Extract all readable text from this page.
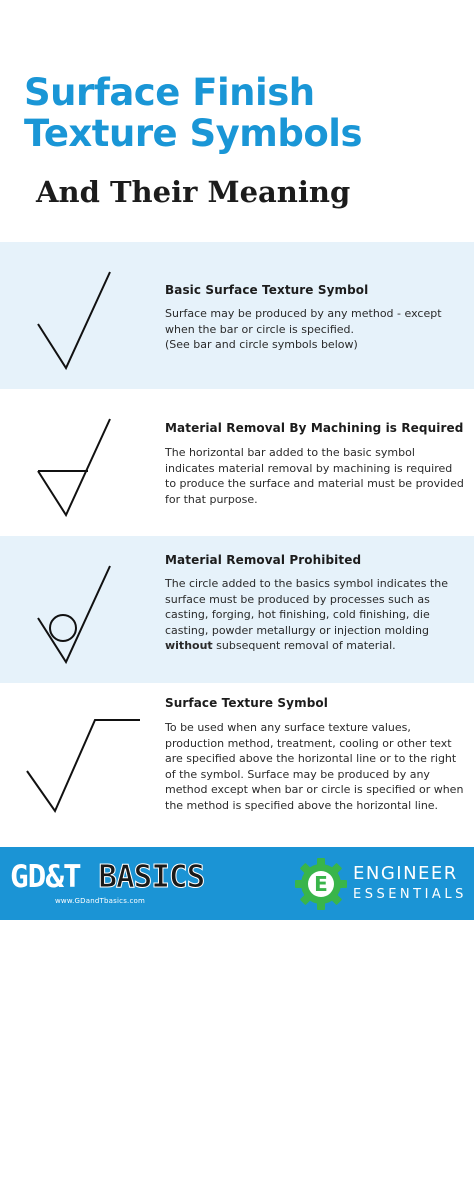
Surface Finish
Texture Symbols
And Their Meaning
Basic Surface Texture Symbol
Surface may be produced by any method - except when the bar or circle is specified.
(See bar and circle symbols below)
Material Removal By Machining is Required
The horizontal bar added to the basic symbol indicates material removal by machining is required to produce the surface and material must be provided for that purpose.
Material Removal Prohibited
The circle added to the basics symbol indicates the surface must be produced by processes such as casting, forging, hot finishing, cold finishing, die casting, powder metallurgy or injection molding without subsequent removal of material.
Surface Texture Symbol
To be used when any surface texture values, production method, treatment, cooling or other text are specified above the horizontal line or to the right of the symbol. Surface may be produced by any method except when bar or circle is specified or when the method is specified above the horizontal line.
GD&T BASICS
www.GDandTbasics.com
E ENGINEER
ESSENTIALS
